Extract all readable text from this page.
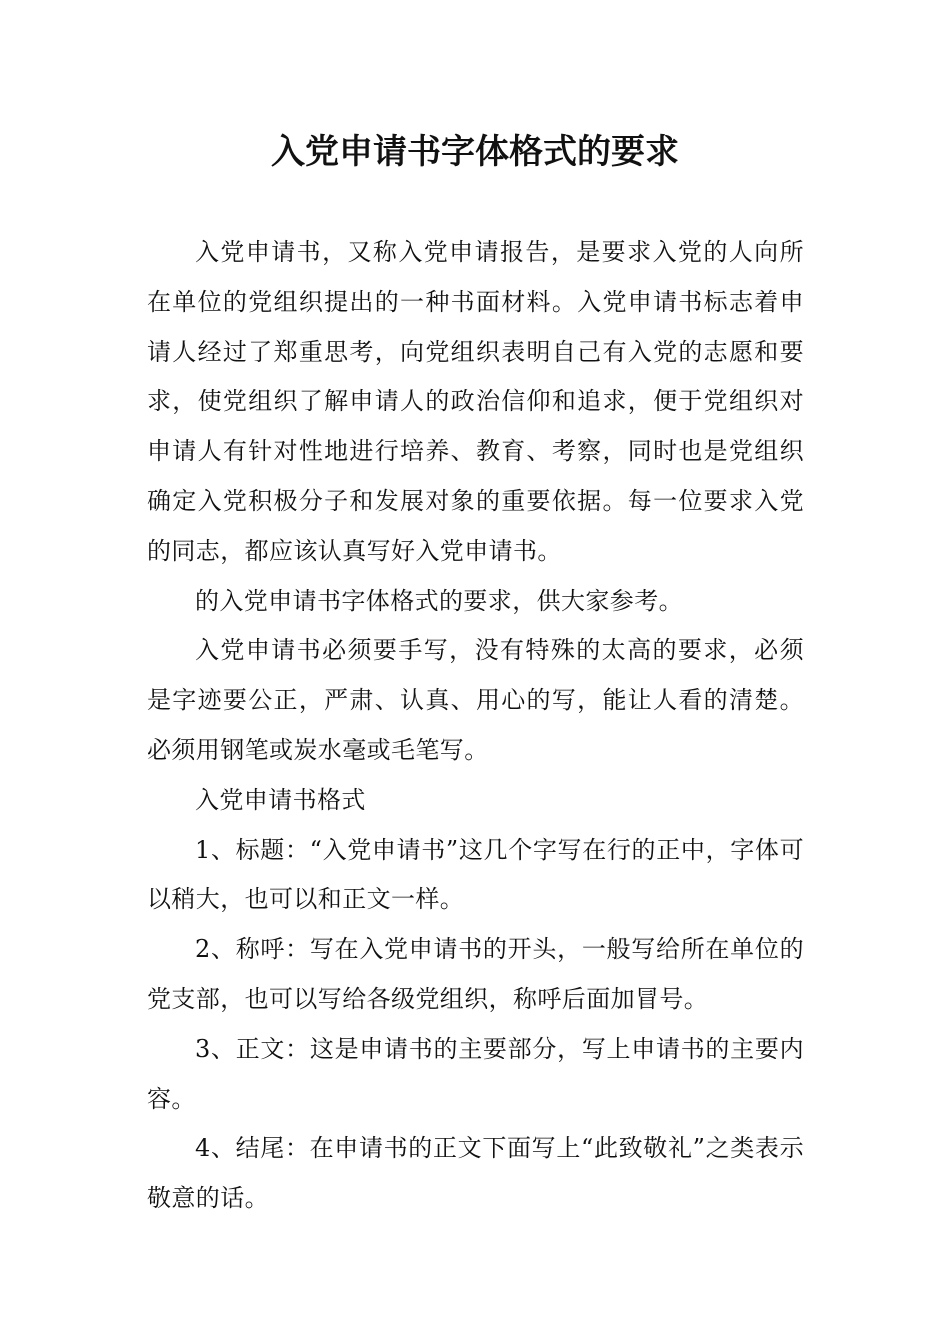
入党申请书字体格式的要求

入党申请书，又称入党申请报告，是要求入党的人向所在单位的党组织提出的一种书面材料。入党申请书标志着申请人经过了郑重思考，向党组织表明自己有入党的志愿和要求，使党组织了解申请人的政治信仰和追求，便于党组织对申请人有针对性地进行培养、教育、考察，同时也是党组织确定入党积极分子和发展对象的重要依据。每一位要求入党的同志，都应该认真写好入党申请书。

的入党申请书字体格式的要求，供大家参考。

入党申请书必须要手写，没有特殊的太高的要求，必须是字迹要公正，严肃、认真、用心的写，能让人看的清楚。必须用钢笔或炭水毫或毛笔写。

入党申请书格式

1、标题：“入党申请书”这几个字写在行的正中，字体可以稍大，也可以和正文一样。

2、称呼：写在入党申请书的开头，一般写给所在单位的党支部，也可以写给各级党组织，称呼后面加冒号。

3、正文：这是申请书的主要部分，写上申请书的主要内容。

4、结尾：在申请书的正文下面写上“此致敬礼”之类表示敬意的话。
